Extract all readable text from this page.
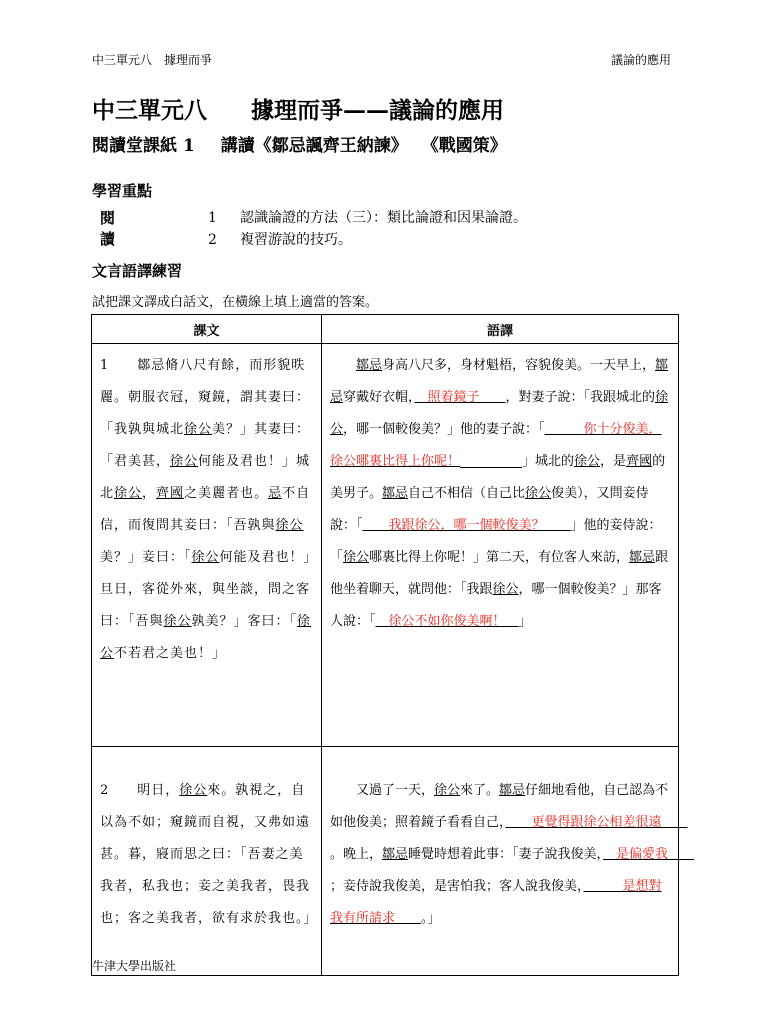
中三單元八　據理而爭	議論的應用
中三單元八 據理而爭——議論的應用
閱讀堂課紙 1 講讀《鄒忌諷齊王納諫》 《戰國策》
學習重點
閱讀
1 認識論證的方法（三）：類比論證和因果論證。
2 複習游說的技巧。
文言語譯練習
試把課文譯成白話文，在橫線上填上適當的答案。
課文	語譯
1　　鄒忌脩八尺有餘，而形貌昳麗。朝服衣冠，窺鏡，謂其妻曰：「我孰與城北徐公美？」其妻曰：「君美甚，徐公何能及君也！」城北徐公，齊國之美麗者也。忌不自信，而復問其妾曰：「吾孰與徐公美？」妾曰：「徐公何能及君也！」旦日，客從外來，與坐談，問之客曰：「吾與徐公孰美？」客曰：「徐公不若君之美也！」	　　鄒忌身高八尺多，身材魁梧，容貌俊美。一天早上，鄒忌穿戴好衣帽，　照着鏡子　　，對妻子說：「我跟城北的徐公，哪一個較俊美？」他的妻子說：「　　　你十分俊美，徐公哪裏比得上你呢！ 」城北的徐公，是齊國的美男子。鄒忌自己不相信（自己比徐公俊美），又問妾侍說：「　　我跟徐公，哪一個較俊美？　　」他的妾侍說：「徐公哪裏比得上你呢！」第二天，有位客人來訪，鄒忌跟他坐着聊天，就問他：「我跟徐公，哪一個較俊美？」那客人說：「　徐公不如你俊美啊！　」
2　　明日，徐公來。孰視之，自以為不如；窺鏡而自視，又弗如遠甚。暮，寢而思之曰：「吾妻之美我者，私我也；妾之美我者，畏我也；客之美我者，欲有求於我也。」	　　又過了一天，徐公來了。鄒忌仔細地看他，自己認為不如他俊美；照着鏡子看看自己，　　更覺得跟徐公相差很遠　　。晚上，鄒忌睡覺時想着此事：「妻子說我俊美，　是偏愛我　　；妾侍說我俊美，是害怕我；客人說我俊美，　　　是想對我有所請求　　。」
牛津大學出版社
